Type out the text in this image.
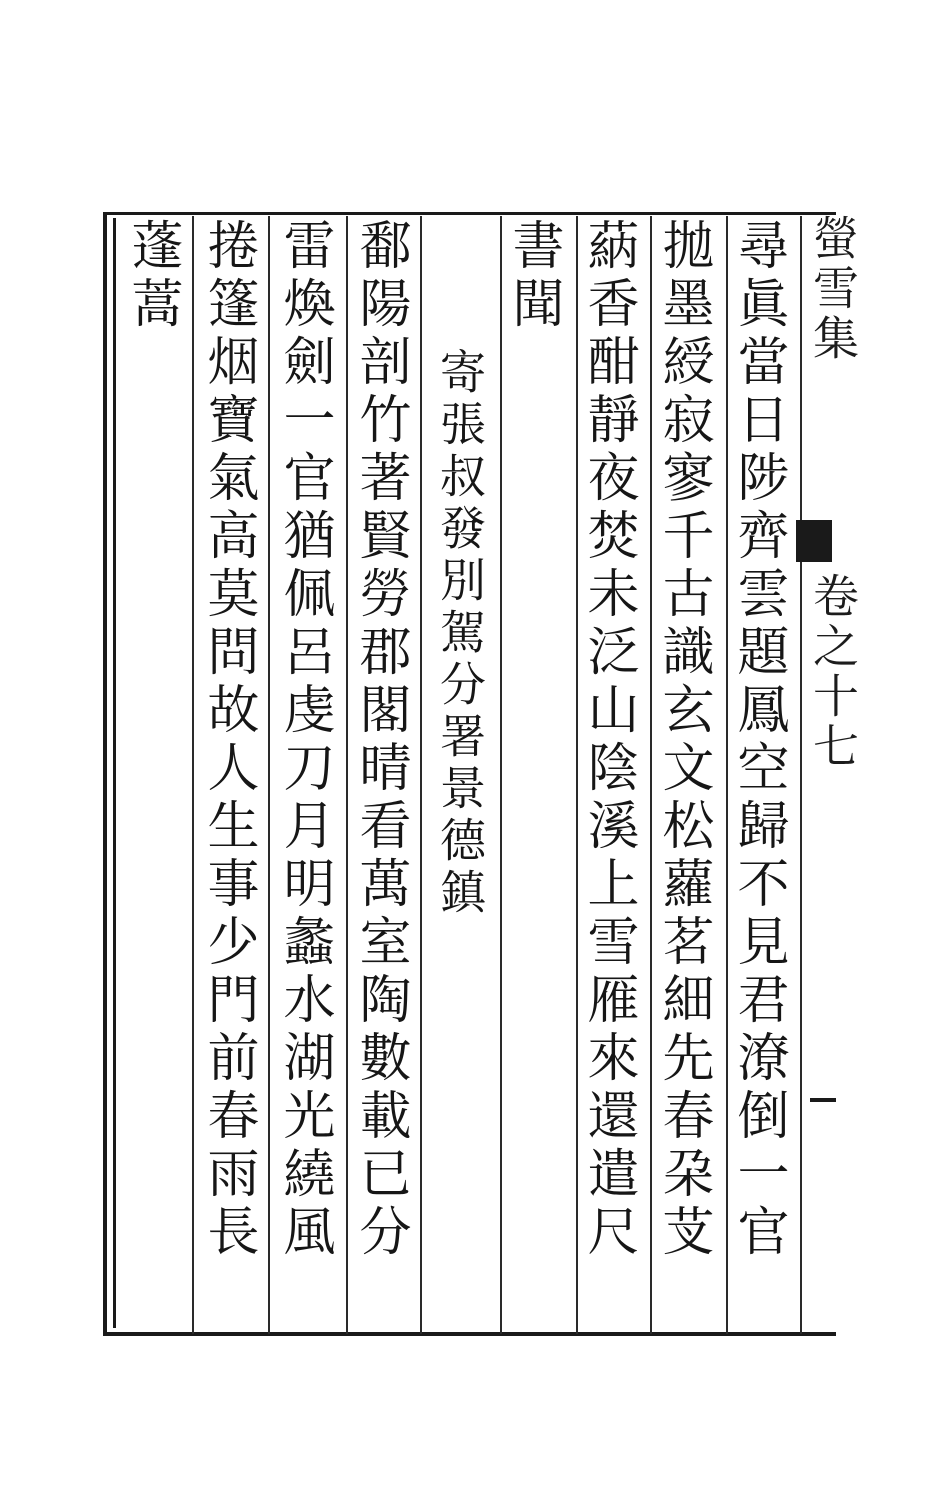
螢雪集
卷之十七
尋眞當日陟齊雲題鳳空歸不見君潦倒一官
拋墨綬寂寥千古識玄文松蘿茗細先春朶芆
蒳香酣靜夜焚未泛山陰溪上雪雁來還遣尺
書聞
寄張叔發別駕分署景德鎮
鄱陽剖竹著賢勞郡閣晴看萬室陶數載已分
雷煥劍一官猶佩呂虔刀月明蠡水湖光繞風
捲篷烟寶氣高莫問故人生事少門前春雨長
蓬蒿
